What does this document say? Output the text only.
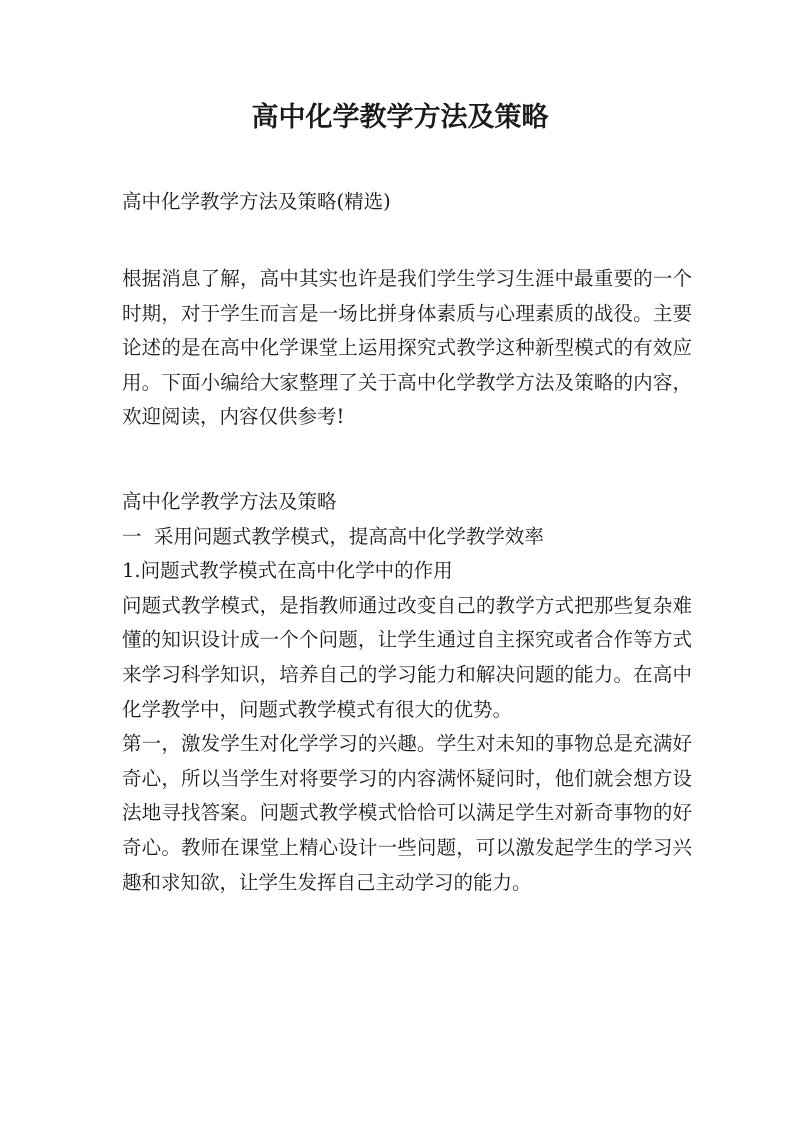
高中化学教学方法及策略

高中化学教学方法及策略(精选)

根据消息了解，高中其实也许是我们学生学习生涯中最重要的一个时期，对于学生而言是一场比拼身体素质与心理素质的战役。主要论述的是在高中化学课堂上运用探究式教学这种新型模式的有效应用。下面小编给大家整理了关于高中化学教学方法及策略的内容，欢迎阅读，内容仅供参考!

高中化学教学方法及策略

一  采用问题式教学模式，提高高中化学教学效率

1.问题式教学模式在高中化学中的作用

问题式教学模式，是指教师通过改变自己的教学方式把那些复杂难懂的知识设计成一个个问题，让学生通过自主探究或者合作等方式来学习科学知识，培养自己的学习能力和解决问题的能力。在高中化学教学中，问题式教学模式有很大的优势。

第一，激发学生对化学学习的兴趣。学生对未知的事物总是充满好奇心，所以当学生对将要学习的内容满怀疑问时，他们就会想方设法地寻找答案。问题式教学模式恰恰可以满足学生对新奇事物的好奇心。教师在课堂上精心设计一些问题，可以激发起学生的学习兴趣和求知欲，让学生发挥自己主动学习的能力。
